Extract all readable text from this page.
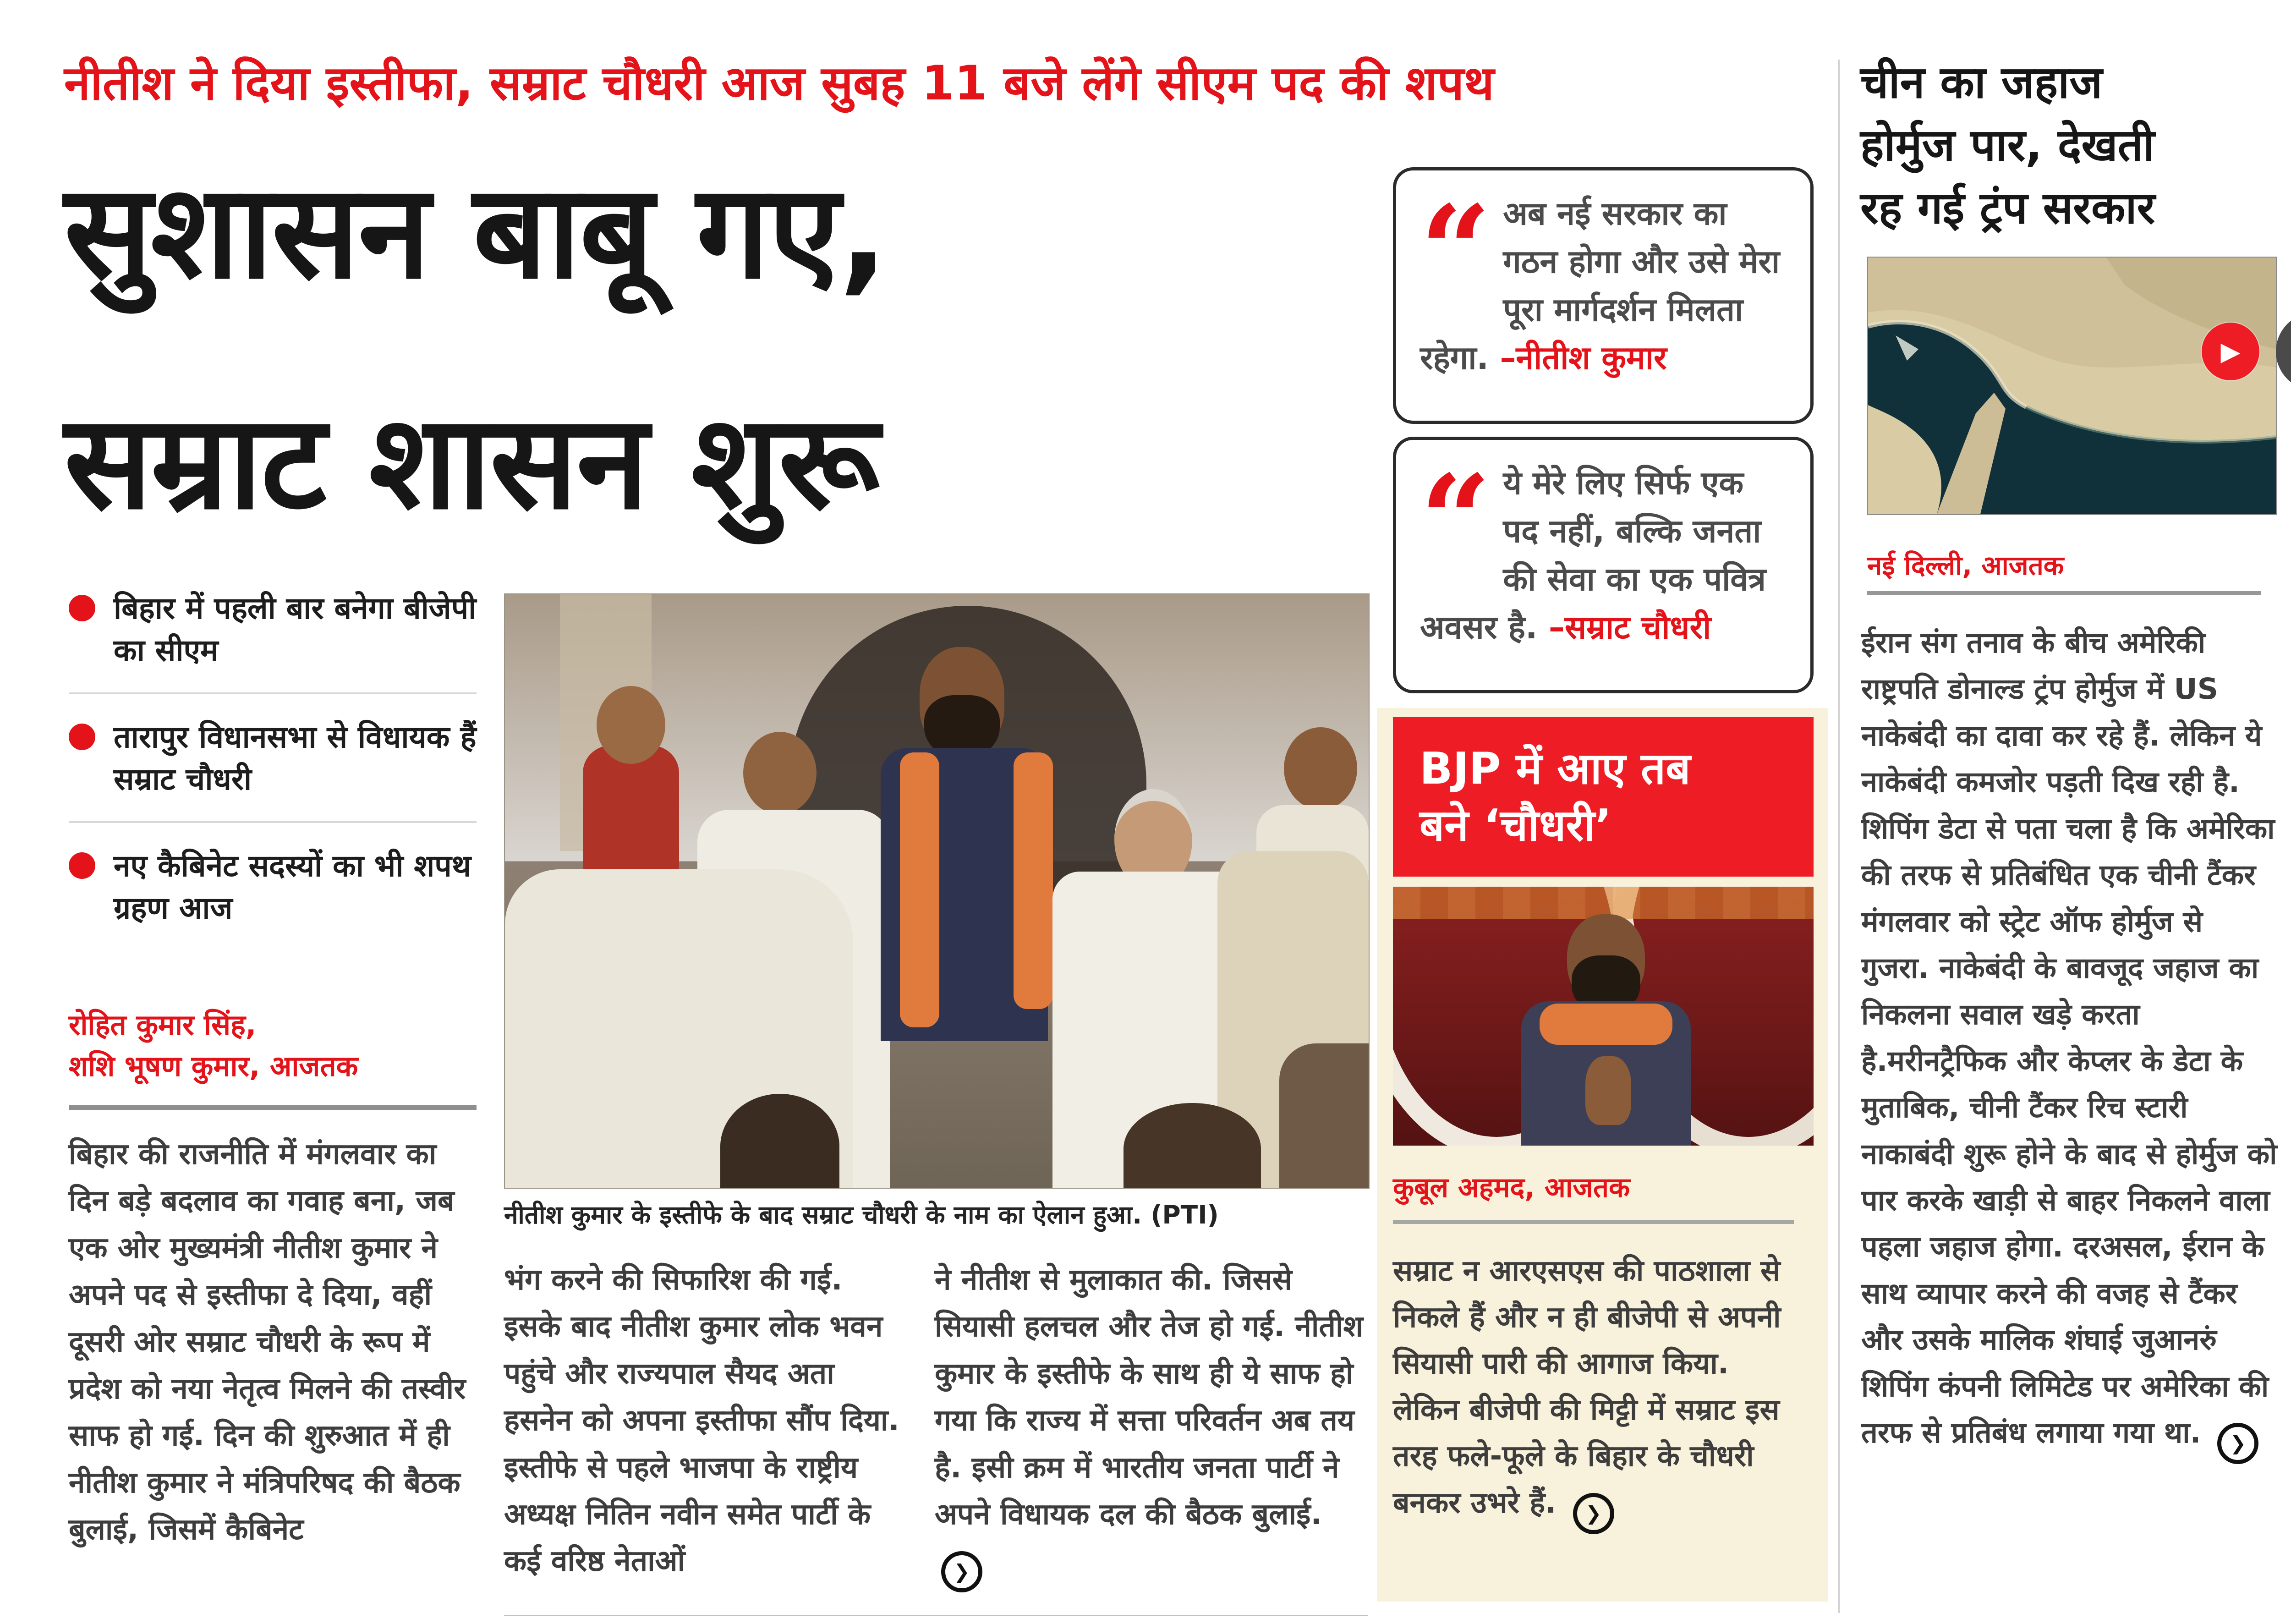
नीतीश ने दिया इस्तीफा, सम्राट चौधरी आज सुबह 11 बजे लेंगे सीएम पद की शपथ
सुशासन बाबू गए,
सम्राट शासन शुरू
बिहार में पहली बार बनेगा बीजेपी का सीएम
तारापुर विधानसभा से विधायक हैं सम्राट चौधरी
नए कैबिनेट सदस्यों का भी शपथ ग्रहण आज
रोहित कुमार सिंह,
शशि भूषण कुमार, आजतक
बिहार की राजनीति में मंगलवार का दिन बड़े बदलाव का गवाह बना, जब एक ओर मुख्यमंत्री नीतीश कुमार ने अपने पद से इस्तीफा दे दिया, वहीं दूसरी ओर सम्राट चौधरी के रूप में प्रदेश को नया नेतृत्व मिलने की तस्वीर साफ हो गई. दिन की शुरुआत में ही नीतीश कुमार ने मंत्रिपरिषद की बैठक बुलाई, जिसमें कैबिनेट
नीतीश कुमार के इस्तीफे के बाद सम्राट चौधरी के नाम का ऐलान हुआ. (PTI)
भंग करने की सिफारिश की गई. इसके बाद नीतीश कुमार लोक भवन पहुंचे और राज्यपाल सैयद अता हसनेन को अपना इस्तीफा सौंप दिया. इस्तीफे से पहले भाजपा के राष्ट्रीय अध्यक्ष नितिन नवीन समेत पार्टी के कई वरिष्ठ नेताओं
ने नीतीश से मुलाकात की. जिससे सियासी हलचल और तेज हो गई. नीतीश कुमार के इस्तीफे के साथ ही ये साफ हो गया कि राज्य में सत्ता परिवर्तन अब तय है. इसी क्रम में भारतीय जनता पार्टी ने अपने विधायक दल की बैठक बुलाई. ❯
“ अब नई सरकार का गठन होगा और उसे मेरा पूरा मार्गदर्शन मिलता रहेगा. –नीतीश कुमार
“ ये मेरे लिए सिर्फ एक पद नहीं, बल्कि जनता की सेवा का एक पवित्र अवसर है. –सम्राट चौधरी
BJP में आए तब
बने ‘चौधरी’
कुबूल अहमद, आजतक
सम्राट न आरएसएस की पाठशाला से निकले हैं और न ही बीजेपी से अपनी सियासी पारी की आगाज किया. लेकिन बीजेपी की मिट्टी में सम्राट इस तरह फले-फूले के बिहार के चौधरी बनकर उभरे हैं. ❯
चीन का जहाज
होर्मुज पार, देखती
रह गई ट्रंप सरकार
▶
नई दिल्ली, आजतक
ईरान संग तनाव के बीच अमेरिकी राष्ट्रपति डोनाल्ड ट्रंप होर्मुज में US नाकेबंदी का दावा कर रहे हैं. लेकिन ये नाकेबंदी कमजोर पड़ती दिख रही है. शिपिंग डेटा से पता चला है कि अमेरिका की तरफ से प्रतिबंधित एक चीनी टैंकर मंगलवार को स्ट्रेट ऑफ होर्मुज से गुजरा. नाकेबंदी के बावजूद जहाज का निकलना सवाल खड़े करता है.मरीनट्रैफिक और केप्लर के डेटा के मुताबिक, चीनी टैंकर रिच स्टारी नाकाबंदी शुरू होने के बाद से होर्मुज को पार करके खाड़ी से बाहर निकलने वाला पहला जहाज होगा. दरअसल, ईरान के साथ व्यापार करने की वजह से टैंकर और उसके मालिक शंघाई जुआनरुं शिपिंग कंपनी लिमिटेड पर अमेरिका की तरफ से प्रतिबंध लगाया गया था. ❯
